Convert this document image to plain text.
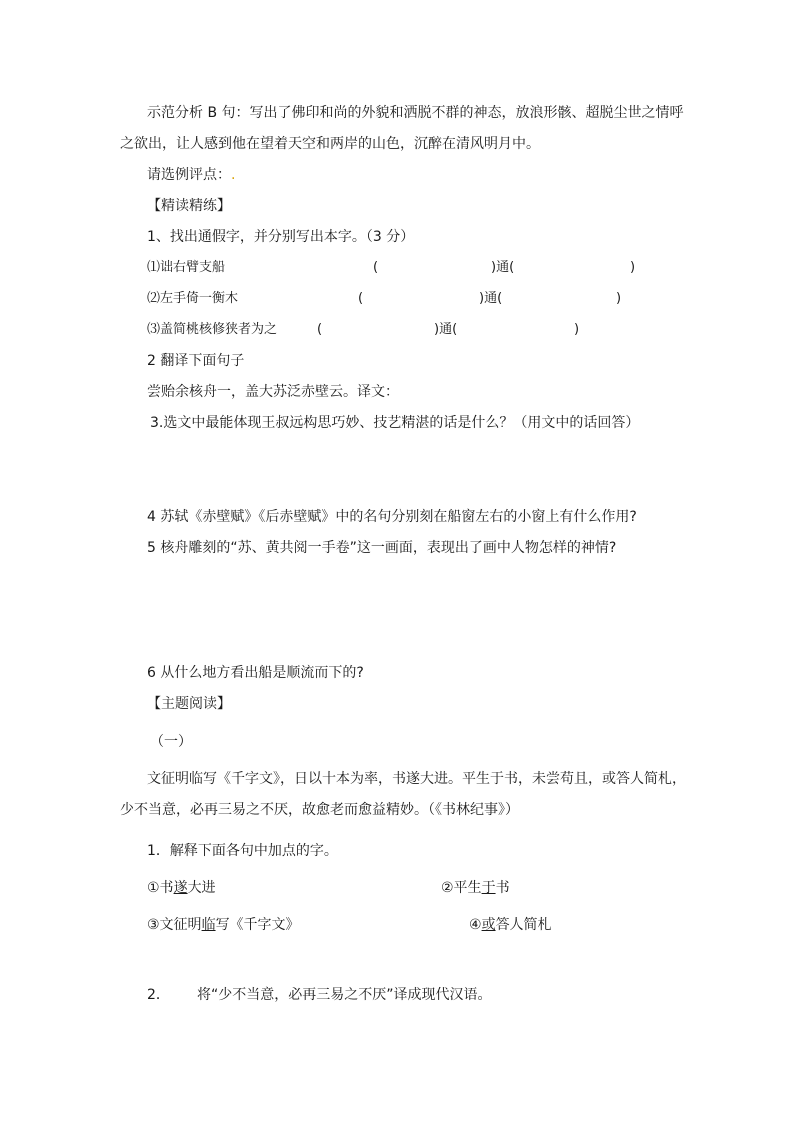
示范分析 B 句：写出了佛印和尚的外貌和洒脱不群的神态，放浪形骸、超脱尘世之情呼
之欲出，让人感到他在望着天空和两岸的山色，沉醉在清风明月中。
请选例评点：.
【精读精练】
1、找出通假字，并分别写出本字。（3 分）
⑴诎右臂支船	(	)通(	)
⑵左手倚一衡木	(	)通(	)
⑶盖简桃核修狭者为之	(	)通(	)
2 翻译下面句子
尝贻余核舟一，盖大苏泛赤壁云。译文：
3.选文中最能体现王叔远构思巧妙、技艺精湛的话是什么？（用文中的话回答）
4 苏轼《赤壁赋》《后赤壁赋》中的名句分别刻在船窗左右的小窗上有什么作用?
5 核舟雕刻的“苏、黄共阅一手卷”这一画面，表现出了画中人物怎样的神情?
6 从什么地方看出船是顺流而下的?
【主题阅读】
（一）
文征明临写《千字文》，日以十本为率，书遂大进。平生于书，未尝苟且，或答人简札，
少不当意，必再三易之不厌，故愈老而愈益精妙。（《书林纪事》）
1．解释下面各句中加点的字。
①书遂大进	②平生于书
③文征明临写《千字文》	④或答人简札
2． 将“少不当意，必再三易之不厌”译成现代汉语。
